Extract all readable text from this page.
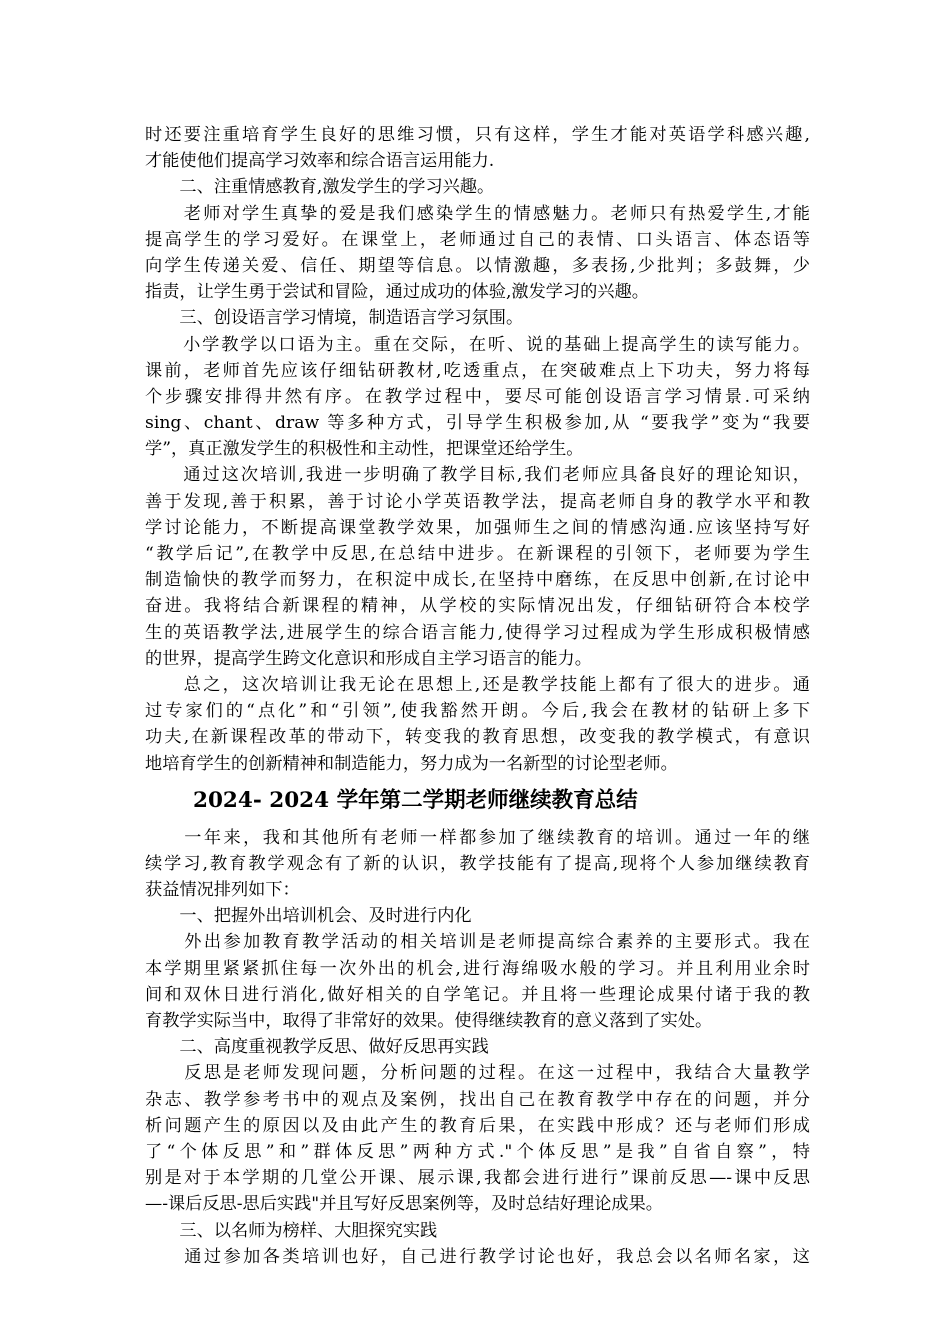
时还要注重培育学生良好的思维习惯，只有这样，学生才能对英语学科感兴趣,
才能使他们提高学习效率和综合语言运用能力.
　　二、注重情感教育,激发学生的学习兴趣。
　　老师对学生真挚的爱是我们感染学生的情感魅力。老师只有热爱学生,才能
提高学生的学习爱好。在课堂上，老师通过自己的表情、口头语言、体态语等
向学生传递关爱、信任、期望等信息。以情激趣，多表扬,少批判；多鼓舞，少
指责，让学生勇于尝试和冒险，通过成功的体验,激发学习的兴趣。
　　三、创设语言学习情境，制造语言学习氛围。
　　小学教学以口语为主。重在交际，在听、说的基础上提高学生的读写能力。
课前，老师首先应该仔细钻研教材,吃透重点，在突破难点上下功夫，努力将每
个步骤安排得井然有序。在教学过程中，要尽可能创设语言学习情景.可采纳
sing、chant、draw 等多种方式，引导学生积极参加,从 “要我学”变为“我要
学”，真正激发学生的积极性和主动性，把课堂还给学生。
　　通过这次培训,我进一步明确了教学目标,我们老师应具备良好的理论知识，
善于发现,善于积累，善于讨论小学英语教学法，提高老师自身的教学水平和教
学讨论能力，不断提高课堂教学效果，加强师生之间的情感沟通.应该坚持写好
“教学后记”,在教学中反思,在总结中进步。在新课程的引领下，老师要为学生
制造愉快的教学而努力，在积淀中成长,在坚持中磨练，在反思中创新,在讨论中
奋进。我将结合新课程的精神，从学校的实际情况出发，仔细钻研符合本校学
生的英语教学法,进展学生的综合语言能力,使得学习过程成为学生形成积极情感
的世界，提高学生跨文化意识和形成自主学习语言的能力。
　　总之，这次培训让我无论在思想上,还是教学技能上都有了很大的进步。通
过专家们的“点化”和“引领”,使我豁然开朗。今后,我会在教材的钻研上多下
功夫,在新课程改革的带动下，转变我的教育思想，改变我的教学模式，有意识
地培育学生的创新精神和制造能力，努力成为一名新型的讨论型老师。
2024- 2024 学年第二学期老师继续教育总结
　　一年来，我和其他所有老师一样都参加了继续教育的培训。通过一年的继
续学习,教育教学观念有了新的认识，教学技能有了提高,现将个人参加继续教育
获益情况排列如下：
　　一、把握外出培训机会、及时进行内化
　　外出参加教育教学活动的相关培训是老师提高综合素养的主要形式。我在
本学期里紧紧抓住每一次外出的机会,进行海绵吸水般的学习。并且利用业余时
间和双休日进行消化,做好相关的自学笔记。并且将一些理论成果付诸于我的教
育教学实际当中，取得了非常好的效果。使得继续教育的意义落到了实处。
　　二、高度重视教学反思、做好反思再实践
　　反思是老师发现问题，分析问题的过程。在这一过程中，我结合大量教学
杂志、教学参考书中的观点及案例，找出自己在教育教学中存在的问题，并分
析问题产生的原因以及由此产生的教育后果，在实践中形成？还与老师们形成
了“个体反思”和”群体反思”两种方式."个体反思”是我”自省自察”，特
别是对于本学期的几堂公开课、展示课,我都会进行进行”课前反思—-课中反思
—-课后反思-思后实践"并且写好反思案例等，及时总结好理论成果。
　　三、以名师为榜样、大胆探究实践
　　通过参加各类培训也好，自己进行教学讨论也好，我总会以名师名家，这
